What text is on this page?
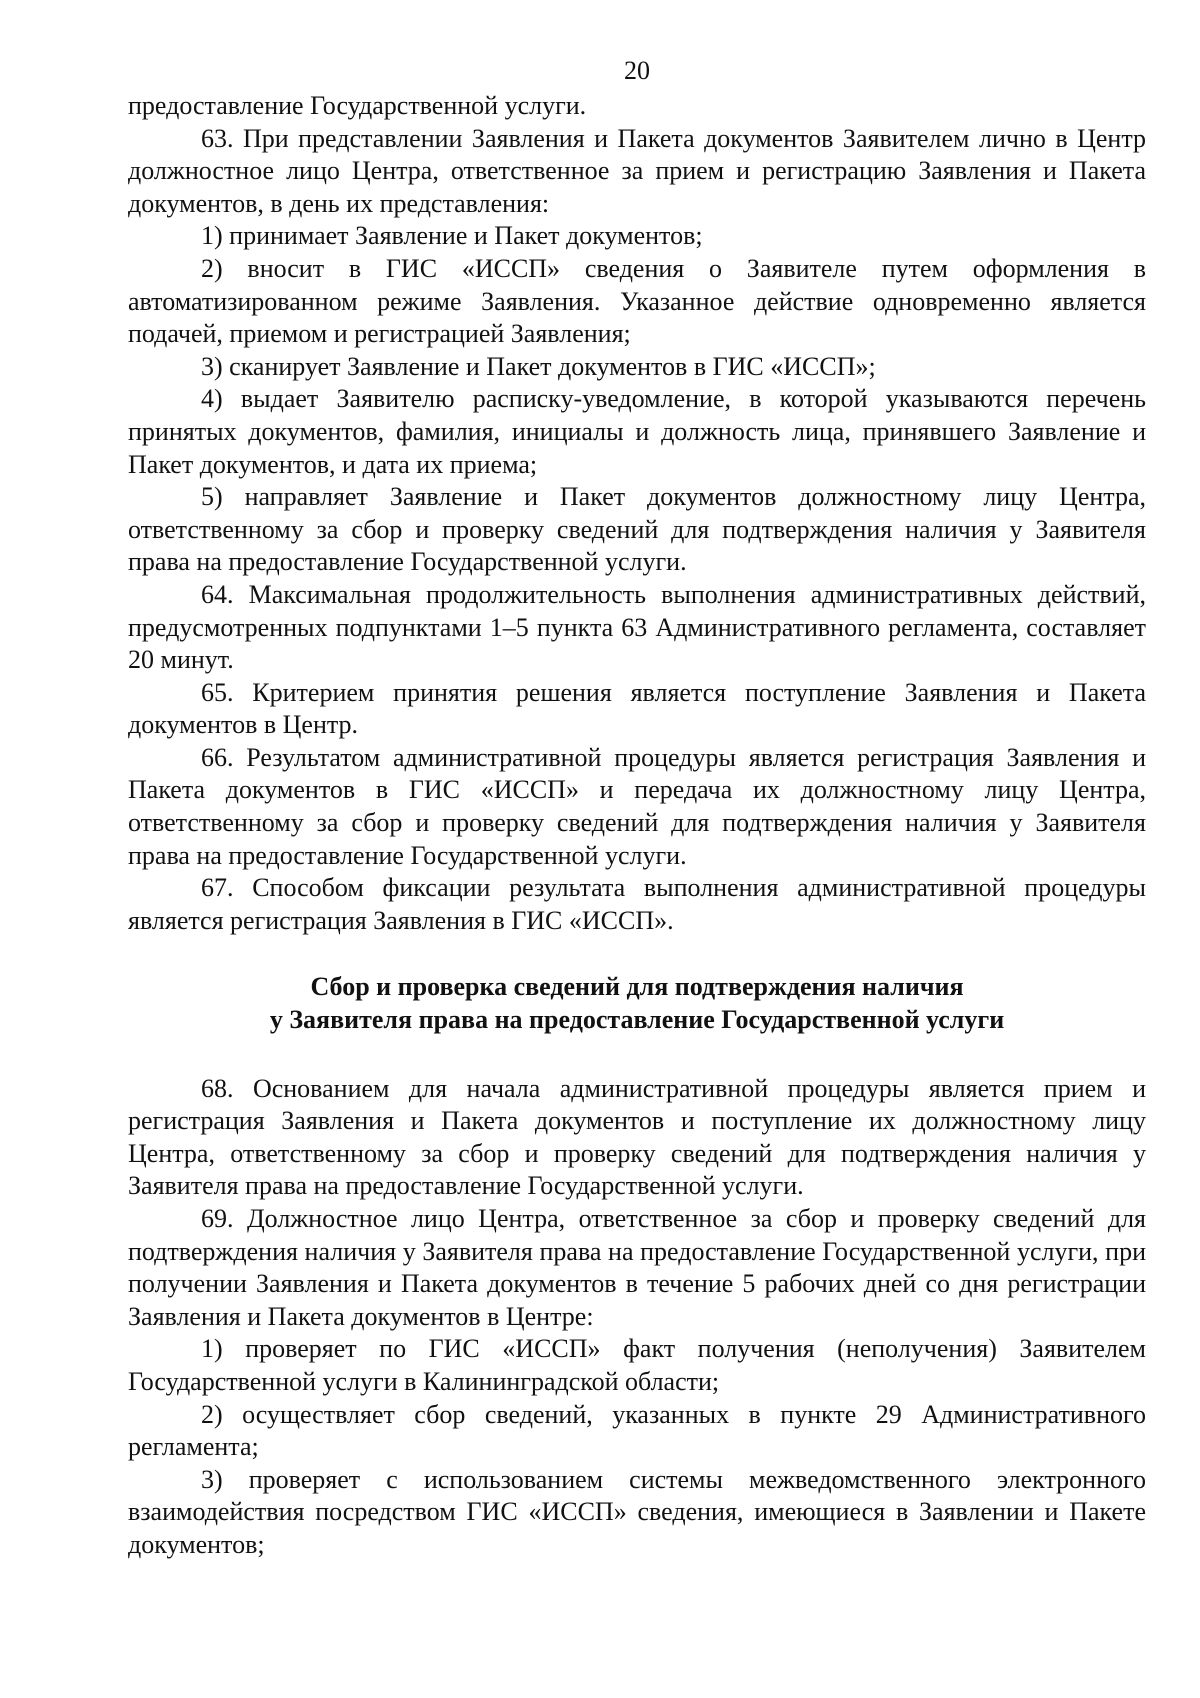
20

предоставление Государственной услуги.

63. При представлении Заявления и Пакета документов Заявителем лично в Центр должностное лицо Центра, ответственное за прием и регистрацию Заявления и Пакета документов, в день их представления:

1) принимает Заявление и Пакет документов;

2) вносит в ГИС «ИССП» сведения о Заявителе путем оформления в автоматизированном режиме Заявления. Указанное действие одновременно является подачей, приемом и регистрацией Заявления;

3) сканирует Заявление и Пакет документов в ГИС «ИССП»;

4) выдает Заявителю расписку-уведомление, в которой указываются перечень принятых документов, фамилия, инициалы и должность лица, принявшего Заявление и Пакет документов, и дата их приема;

5) направляет Заявление и Пакет документов должностному лицу Центра, ответственному за сбор и проверку сведений для подтверждения наличия у Заявителя права на предоставление Государственной услуги.

64. Максимальная продолжительность выполнения административных действий, предусмотренных подпунктами 1–5 пункта 63 Административного регламента, составляет 20 минут.

65. Критерием принятия решения является поступление Заявления и Пакета документов в Центр.

66. Результатом административной процедуры является регистрация Заявления и Пакета документов в ГИС «ИССП» и передача их должностному лицу Центра, ответственному за сбор и проверку сведений для подтверждения наличия у Заявителя права на предоставление Государственной услуги.

67. Способом фиксации результата выполнения административной процедуры является регистрация Заявления в ГИС «ИССП».

Сбор и проверка сведений для подтверждения наличия
у Заявителя права на предоставление Государственной услуги

68. Основанием для начала административной процедуры является прием и регистрация Заявления и Пакета документов и поступление их должностному лицу Центра, ответственному за сбор и проверку сведений для подтверждения наличия у Заявителя права на предоставление Государственной услуги.

69. Должностное лицо Центра, ответственное за сбор и проверку сведений для подтверждения наличия у Заявителя права на предоставление Государственной услуги, при получении Заявления и Пакета документов в течение 5 рабочих дней со дня регистрации Заявления и Пакета документов в Центре:

1) проверяет по ГИС «ИССП» факт получения (неполучения) Заявителем Государственной услуги в Калининградской области;

2) осуществляет сбор сведений, указанных в пункте 29 Административного регламента;

3) проверяет с использованием системы межведомственного электронного взаимодействия посредством ГИС «ИССП» сведения, имеющиеся в Заявлении и Пакете документов;
